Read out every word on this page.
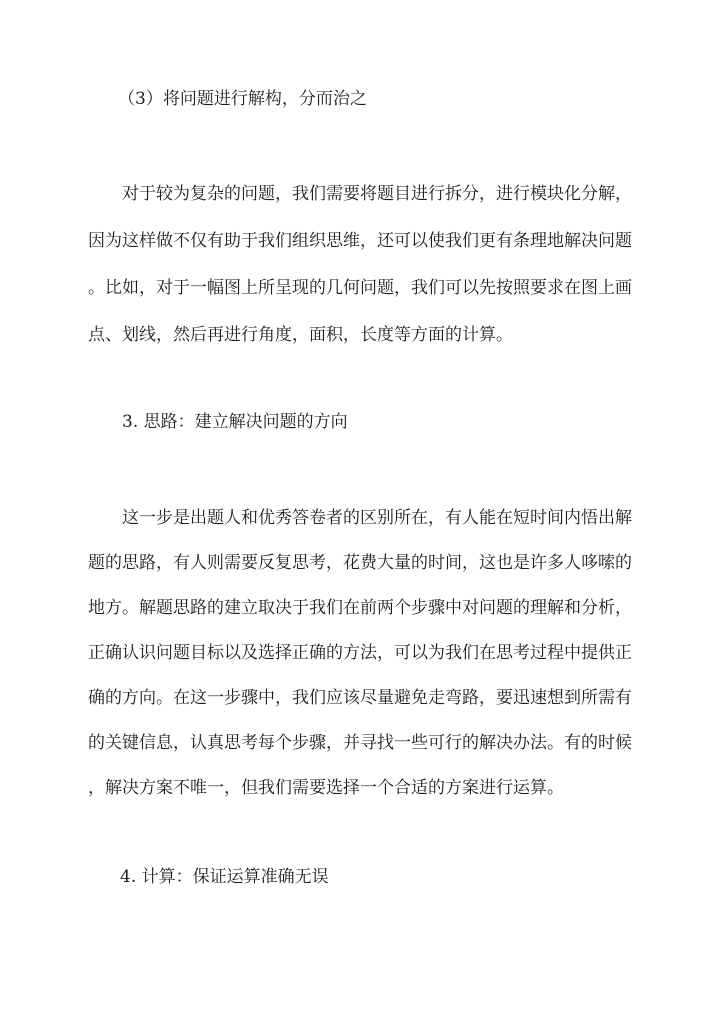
（3）将问题进行解构，分而治之
对于较为复杂的问题，我们需要将题目进行拆分，进行模块化分解，
因为这样做不仅有助于我们组织思维，还可以使我们更有条理地解决问题
。比如，对于一幅图上所呈现的几何问题，我们可以先按照要求在图上画
点、划线，然后再进行角度，面积，长度等方面的计算。
3. 思路：建立解决问题的方向
这一步是出题人和优秀答卷者的区别所在，有人能在短时间内悟出解
题的思路，有人则需要反复思考，花费大量的时间，这也是许多人哆嗦的
地方。解题思路的建立取决于我们在前两个步骤中对问题的理解和分析，
正确认识问题目标以及选择正确的方法，可以为我们在思考过程中提供正
确的方向。在这一步骤中，我们应该尽量避免走弯路，要迅速想到所需有
的关键信息，认真思考每个步骤，并寻找一些可行的解决办法。有的时候
，解决方案不唯一，但我们需要选择一个合适的方案进行运算。
4. 计算：保证运算准确无误
